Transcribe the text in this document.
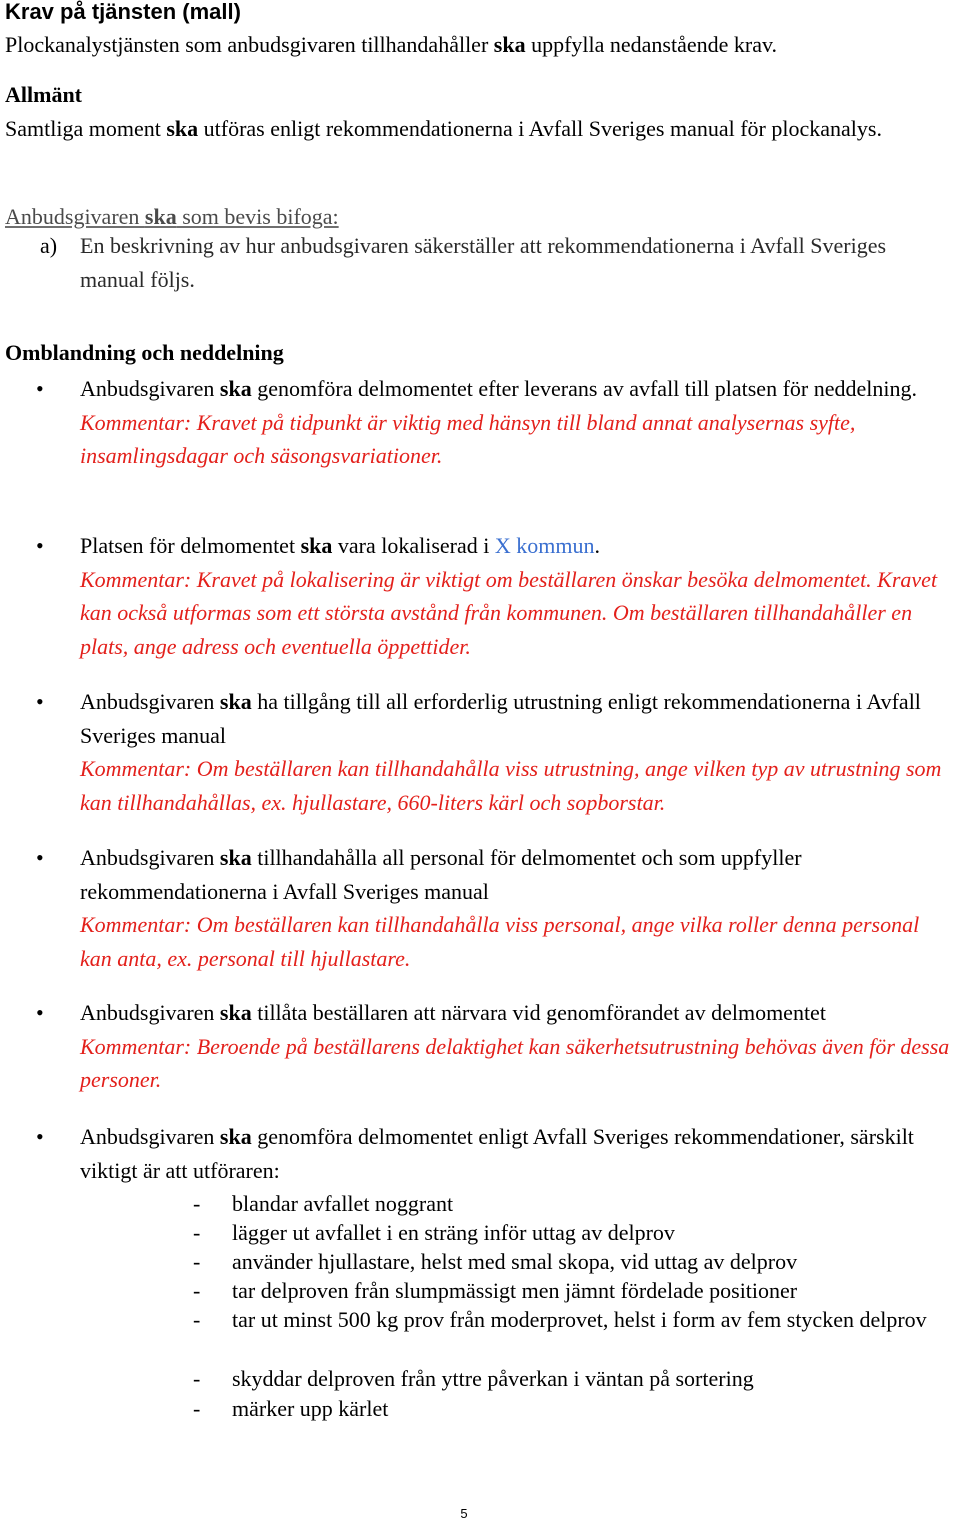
Krav på tjänsten (mall)

Plockanalystjänsten som anbudsgivaren tillhandahåller ska uppfylla nedanstående krav.

Allmänt

Samtliga moment ska utföras enligt rekommendationerna i Avfall Sveriges manual för plockanalys.

Anbudsgivaren ska som bevis bifoga:

a) En beskrivning av hur anbudsgivaren säkerställer att rekommendationerna i Avfall Sveriges manual följs.

Omblandning och neddelning

• Anbudsgivaren ska genomföra delmomentet efter leverans av avfall till platsen för neddelning.
Kommentar: Kravet på tidpunkt är viktig med hänsyn till bland annat analysernas syfte, insamlingsdagar och säsongsvariationer.
• Platsen för delmomentet ska vara lokaliserad i X kommun.
Kommentar: Kravet på lokalisering är viktigt om beställaren önskar besöka delmomentet. Kravet kan också utformas som ett största avstånd från kommunen. Om beställaren tillhandahåller en plats, ange adress och eventuella öppettider.
• Anbudsgivaren ska ha tillgång till all erforderlig utrustning enligt rekommendationerna i Avfall Sveriges manual
Kommentar: Om beställaren kan tillhandahålla viss utrustning, ange vilken typ av utrustning som kan tillhandahållas, ex. hjullastare, 660-liters kärl och sopborstar.
• Anbudsgivaren ska tillhandahålla all personal för delmomentet och som uppfyller rekommendationerna i Avfall Sveriges manual
Kommentar: Om beställaren kan tillhandahålla viss personal, ange vilka roller denna personal kan anta, ex. personal till hjullastare.
• Anbudsgivaren ska tillåta beställaren att närvara vid genomförandet av delmomentet
Kommentar: Beroende på beställarens delaktighet kan säkerhetsutrustning behövas även för dessa personer.
• Anbudsgivaren ska genomföra delmomentet enligt Avfall Sveriges rekommendationer, särskilt viktigt är att utföraren:
- blandar avfallet noggrant
- lägger ut avfallet i en sträng inför uttag av delprov
- använder hjullastare, helst med smal skopa, vid uttag av delprov
- tar delproven från slumpmässigt men jämnt fördelade positioner
- tar ut minst 500 kg prov från moderprovet, helst i form av fem stycken delprov
- skyddar delproven från yttre påverkan i väntan på sortering
- märker upp kärlet
5
